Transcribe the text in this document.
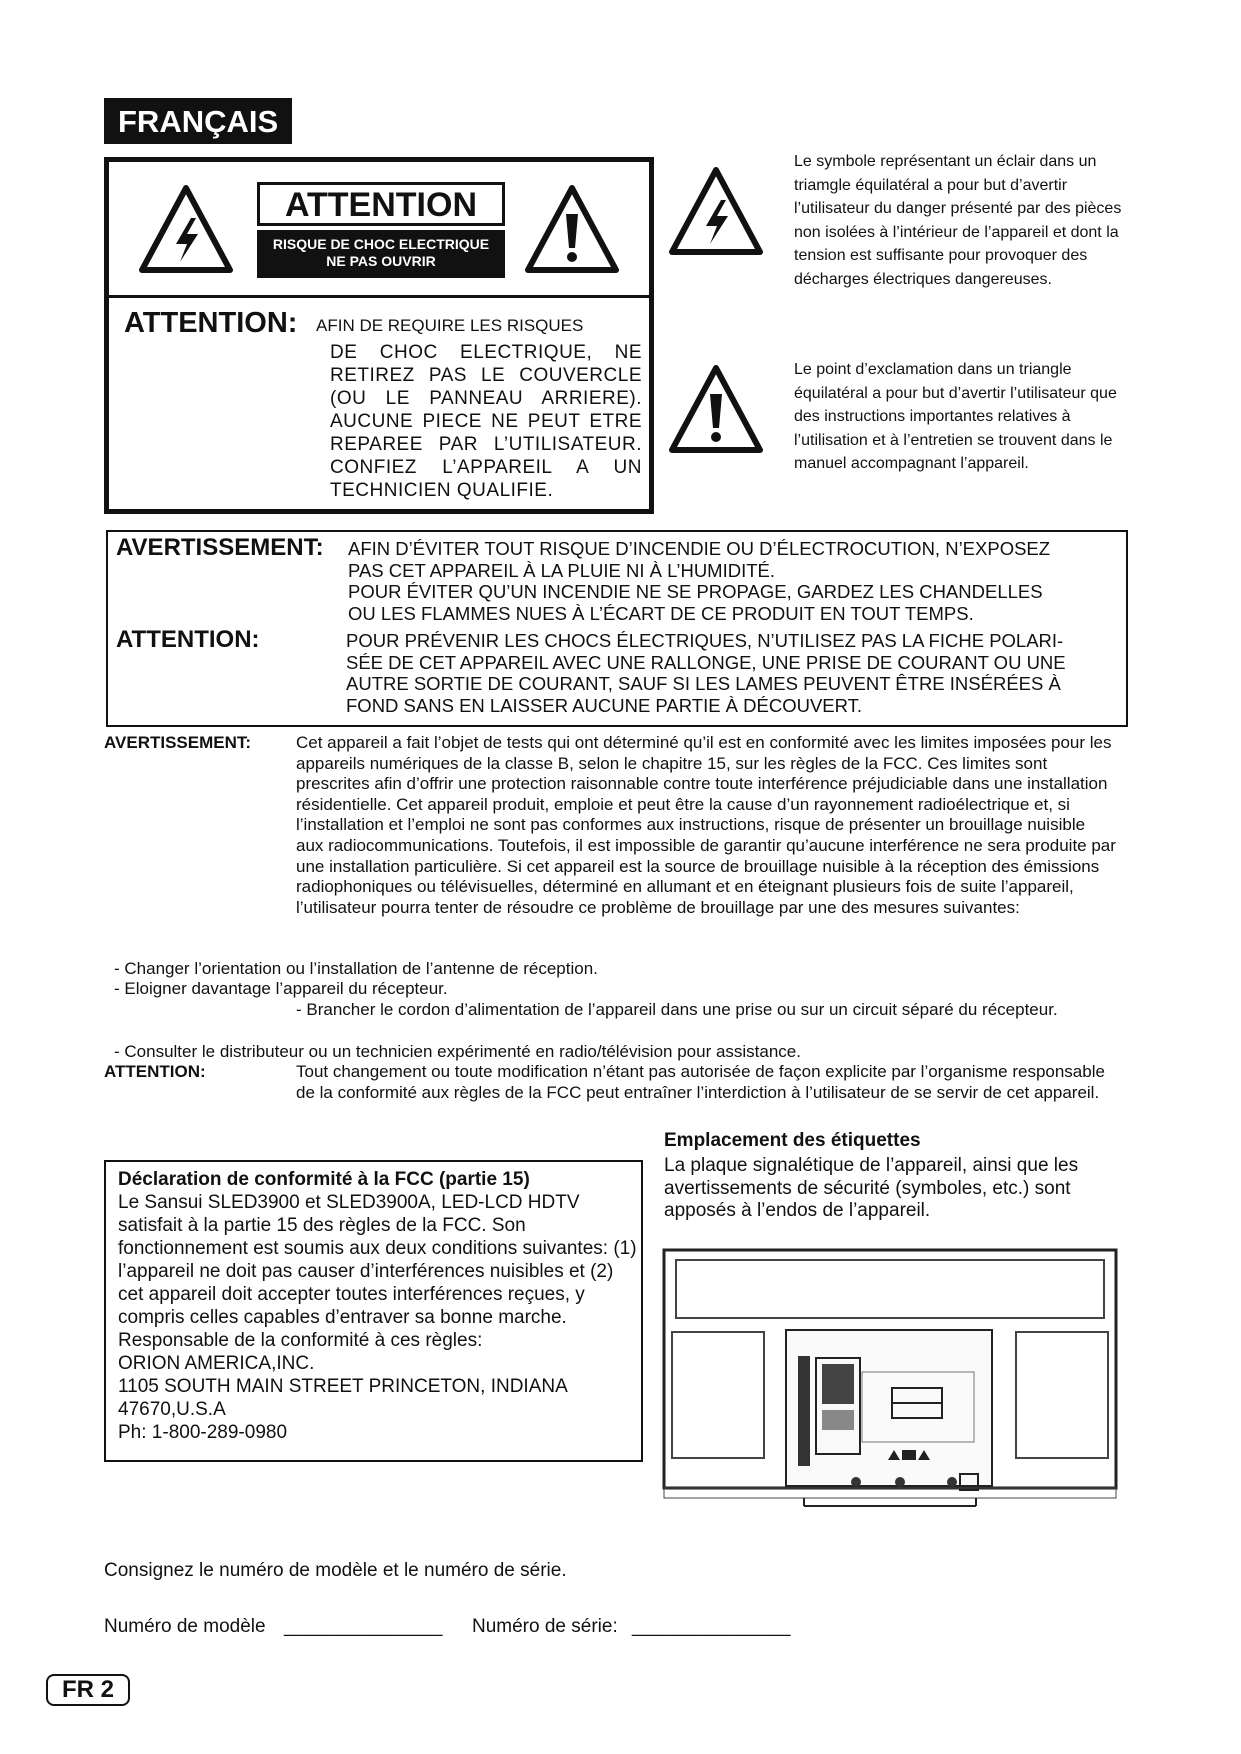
FRANÇAIS
ATTENTION
RISQUE DE CHOC ELECTRIQUE
NE PAS OUVRIR
ATTENTION: AFIN DE REQUIRE LES RISQUES
DE CHOC ELECTRIQUE, NE RETIREZ PAS LE COUVERCLE (OU LE PANNEAU ARRIERE). AUCUNE PIECE NE PEUT ETRE REPAREE PAR L’UTILISATEUR. CONFIEZ L’APPAREIL A UN TECHNICIEN QUALIFIE.
Le symbole représentant un éclair dans un triamgle équilatéral a pour but d’avertir l’utilisateur du danger présenté par des pièces non isolées à l’intérieur de l’appareil et dont la tension est suffisante pour provoquer des décharges électriques dangereuses.
Le point d’exclamation dans un triangle équilatéral a pour but d’avertir l’utilisateur que des instructions importantes relatives à l’utilisation et à l’entretien se trouvent dans le manuel accompagnant l’appareil.
AVERTISSEMENT: AFIN D’ÉVITER TOUT RISQUE D’INCENDIE OU D’ÉLECTROCUTION, N’EXPOSEZ
PAS CET APPAREIL À LA PLUIE NI À L’HUMIDITÉ.
POUR ÉVITER QU’UN INCENDIE NE SE PROPAGE, GARDEZ LES CHANDELLES
OU LES FLAMMES NUES À L’ÉCART DE CE PRODUIT EN TOUT TEMPS.
ATTENTION:	POUR PRÉVENIR LES CHOCS ÉLECTRIQUES, N’UTILISEZ PAS LA FICHE POLARI-
SÉE DE CET APPAREIL AVEC UNE RALLONGE, UNE PRISE DE COURANT OU UNE
AUTRE SORTIE DE COURANT, SAUF SI LES LAMES PEUVENT ÊTRE INSÉRÉES À
FOND SANS EN LAISSER AUCUNE PARTIE À DÉCOUVERT.
AVERTISSEMENT:	Cet appareil a fait l’objet de tests qui ont déterminé qu’il est en conformité avec les limites imposées pour les appareils numériques de la classe B, selon le chapitre 15, sur les règles de la FCC. Ces limites sont prescrites afin d’offrir une protection raisonnable contre toute interférence préjudiciable dans une installation résidentielle. Cet appareil produit, emploie et peut être la cause d’un rayonnement radioélectrique et, si l’installation et l’emploi ne sont pas conformes aux instructions, risque de présenter un brouillage nuisible aux radiocommunications. Toutefois, il est impossible de garantir qu’aucune interférence ne sera produite par une installation particulière. Si cet appareil est la source de brouillage nuisible à la réception des émissions radiophoniques ou télévisuelles, déterminé en allumant et en éteignant plusieurs fois de suite l’appareil, l’utilisateur pourra tenter de résoudre ce problème de brouillage par une des mesures suivantes:
- Changer l’orientation ou l’installation de l’antenne de réception.
- Eloigner davantage l’appareil du récepteur.
- Brancher le cordon d’alimentation de l’appareil dans une prise ou sur un circuit séparé du récepteur.
- Consulter le distributeur ou un technicien expérimenté en radio/télévision pour assistance.
ATTENTION:	Tout changement ou toute modification n’étant pas autorisée de façon explicite par l’organisme responsable de la conformité aux règles de la FCC peut entraîner l’interdiction à l’utilisateur de se servir de cet appareil.
Déclaration de conformité à la FCC (partie 15)
Le Sansui SLED3900 et SLED3900A, LED-LCD HDTV satisfait à la partie 15 des règles de la FCC. Son fonctionnement est soumis aux deux conditions suivantes: (1) l’appareil ne doit pas causer d’interférences nuisibles et (2) cet appareil doit accepter toutes interférences reçues, y compris celles capables d’entraver sa bonne marche. Responsable de la conformité à ces règles:
ORION AMERICA,INC.
1105 SOUTH MAIN STREET PRINCETON, INDIANA
47670,U.S.A
Ph: 1-800-289-0980
Emplacement des étiquettes
La plaque signalétique de l’appareil, ainsi que les avertissements de sécurité (symboles, etc.) sont apposés à l’endos de l’appareil.
Consignez le numéro de modèle et le numéro de série.
Numéro de modèle _______________ Numéro de série: _______________
FR 2
